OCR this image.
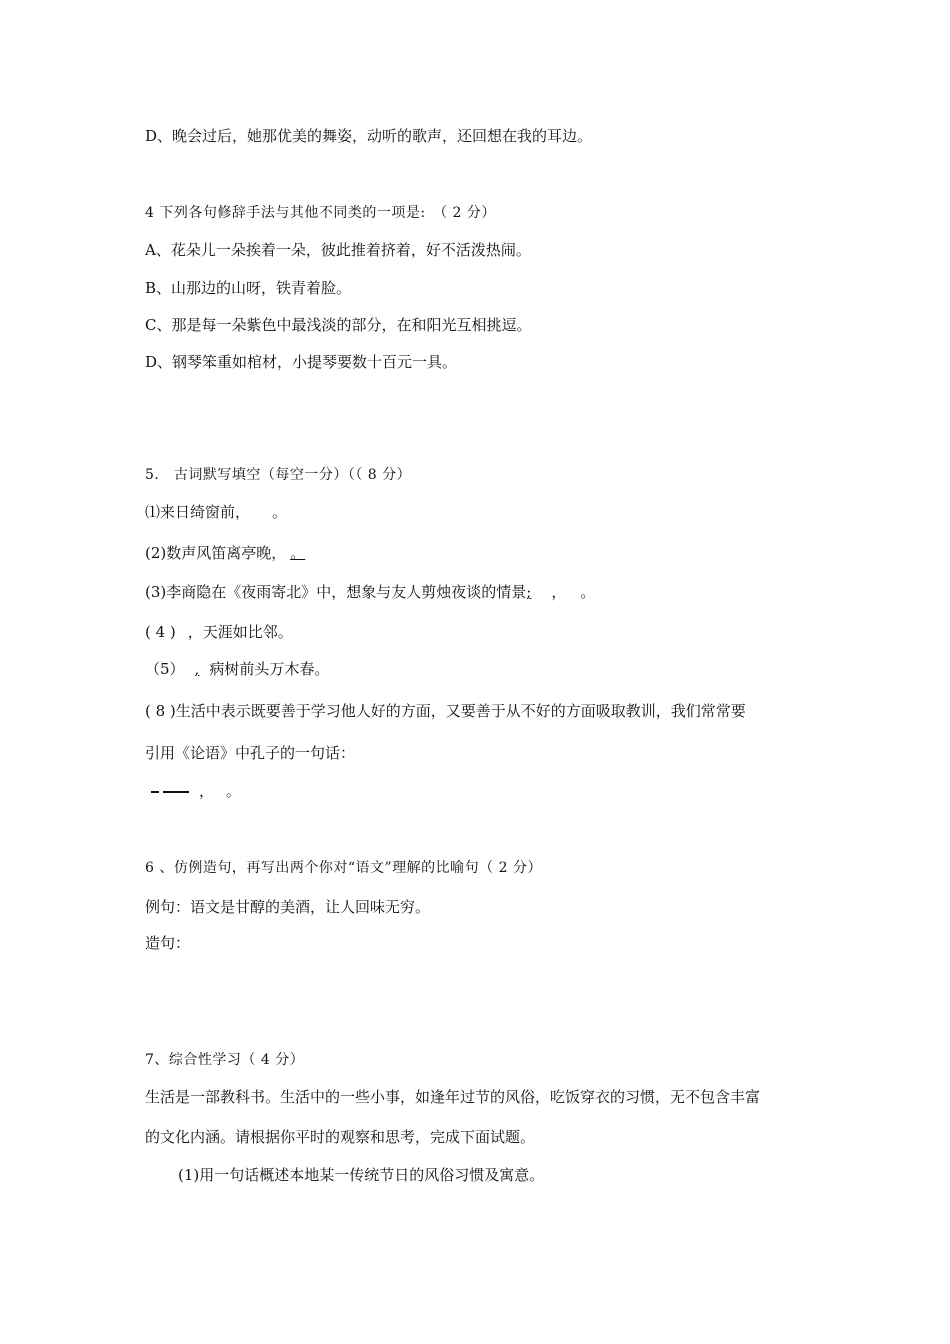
D、晚会过后，她那优美的舞姿，动听的歌声，还回想在我的耳边。
4 下列各句修辞手法与其他不同类的一项是:　（ 2 分）
A、花朵儿一朵挨着一朵，彼此推着挤着，好不活泼热闹。
B、山那边的山呀，铁青着脸。
C、那是每一朵紫色中最浅淡的部分，在和阳光互相挑逗。
D、钢琴笨重如棺材，小提琴要数十百元一具。
5． 古词默写填空（每空一分）（（ 8 分）
⑴来日绮窗前， 。
(2)数声风笛离亭晚， 。
(3)李商隐在《夜雨寄北》中，想象与友人剪烛夜谈的情景; ， 。
( 4 ) ，天涯如比邻。
（5） , 病树前头万木春。
( 8 )生活中表示既要善于学习他人好的方面，又要善于从不好的方面吸取教训，我们常常要
引用《论语》中孔子的一句话：
， 。
6 、仿例造句，再写出两个你对“语文”理解的比喻句（ 2 分）
例句：语文是甘醇的美酒，让人回味无穷。
造句：
7、综合性学习（ 4 分）
生活是一部教科书。生活中的一些小事，如逢年过节的风俗，吃饭穿衣的习惯，无不包含丰富
的文化内涵。请根据你平时的观察和思考，完成下面试题。
(1)用一句话概述本地某一传统节日的风俗习惯及寓意。
